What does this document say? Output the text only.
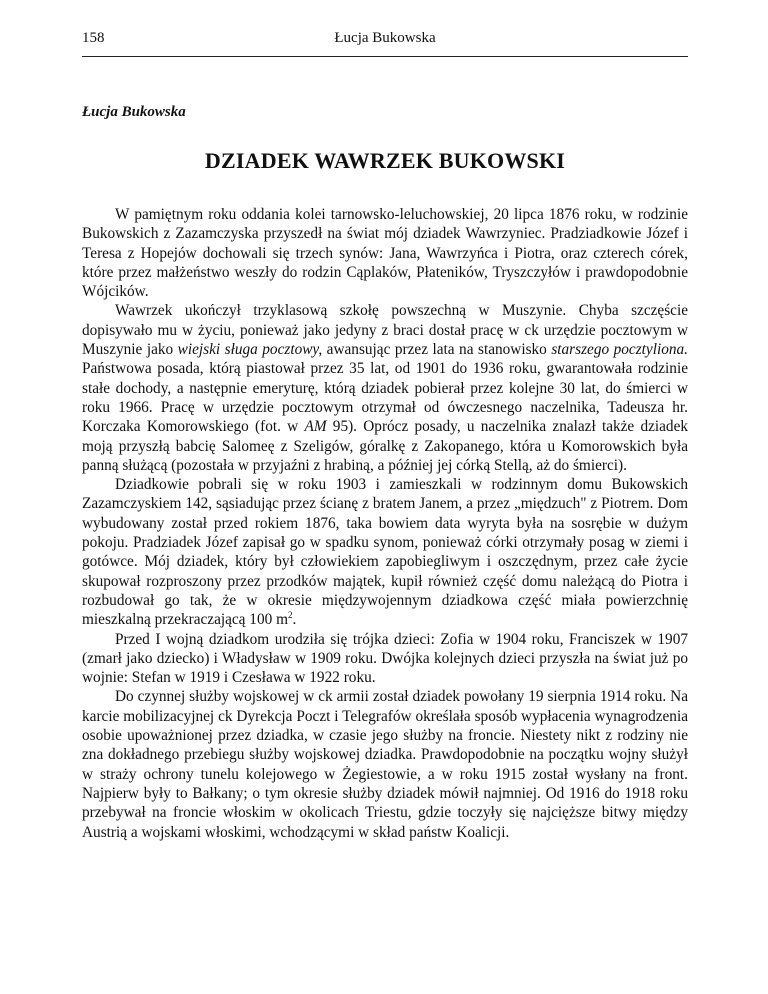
158	Łucja Bukowska
Łucja Bukowska
DZIADEK WAWRZEK BUKOWSKI

W pamiętnym roku oddania kolei tarnowsko-leluchowskiej, 20 lipca 1876 roku, w rodzinie Bukowskich z Zazamczyska przyszedł na świat mój dziadek Wawrzyniec. Pradziadkowie Józef i Teresa z Hopejów dochowali się trzech synów: Jana, Wawrzyńca i Piotra, oraz czterech córek, które przez małżeństwo weszły do rodzin Cąplaków, Płateników, Tryszczyłów i prawdopodobnie Wójcików.

Wawrzek ukończył trzyklasową szkołę powszechną w Muszynie. Chyba szczęście dopisywało mu w życiu, ponieważ jako jedyny z braci dostał pracę w ck urzędzie pocztowym w Muszynie jako wiejski sługa pocztowy, awansując przez lata na stanowisko starszego pocztyliona. Państwowa posada, którą piastował przez 35 lat, od 1901 do 1936 roku, gwarantowała rodzinie stałe dochody, a następnie emeryturę, którą dziadek pobierał przez kolejne 30 lat, do śmierci w roku 1966. Pracę w urzędzie pocztowym otrzymał od ówczesnego naczelnika, Tadeusza hr. Korczaka Komorowskiego (fot. w AM 95). Oprócz posady, u naczelnika znalazł także dziadek moją przyszłą babcię Salomeę z Szeligów, góralkę z Zakopanego, która u Komorowskich była panną służącą (pozostała w przyjaźni z hrabiną, a później jej córką Stellą, aż do śmierci).

Dziadkowie pobrali się w roku 1903 i zamieszkali w rodzinnym domu Bukowskich Zazamczyskiem 142, sąsiadując przez ścianę z bratem Janem, a przez „międzuch" z Piotrem. Dom wybudowany został przed rokiem 1876, taka bowiem data wyryta była na sosrębie w dużym pokoju. Pradziadek Józef zapisał go w spadku synom, ponieważ córki otrzymały posag w ziemi i gotówce. Mój dziadek, który był człowiekiem zapobiegliwym i oszczędnym, przez całe życie skupował rozproszony przez przodków majątek, kupił również część domu należącą do Piotra i rozbudował go tak, że w okresie międzywojennym dziadkowa część miała powierzchnię mieszkalną przekraczającą 100 $m^2$.

Przed I wojną dziadkom urodziła się trójka dzieci: Zofia w 1904 roku, Franciszek w 1907 (zmarł jako dziecko) i Władysław w 1909 roku. Dwójka kolejnych dzieci przyszła na świat już po wojnie: Stefan w 1919 i Czesława w 1922 roku.

Do czynnej służby wojskowej w ck armii został dziadek powołany 19 sierpnia 1914 roku. Na karcie mobilizacyjnej ck Dyrekcja Poczt i Telegrafów określała sposób wypłacenia wynagrodzenia osobie upoważnionej przez dziadka, w czasie jego służby na froncie. Niestety nikt z rodziny nie zna dokładnego przebiegu służby wojskowej dziadka. Prawdopodobnie na początku wojny służył w straży ochrony tunelu kolejowego w Żegiestowie, a w roku 1915 został wysłany na front. Najpierw były to Bałkany; o tym okresie służby dziadek mówił najmniej. Od 1916 do 1918 roku przebywał na froncie włoskim w okolicach Triestu, gdzie toczyły się najcięższe bitwy między Austrią a wojskami włoskimi, wchodzącymi w skład państw Koalicji.
